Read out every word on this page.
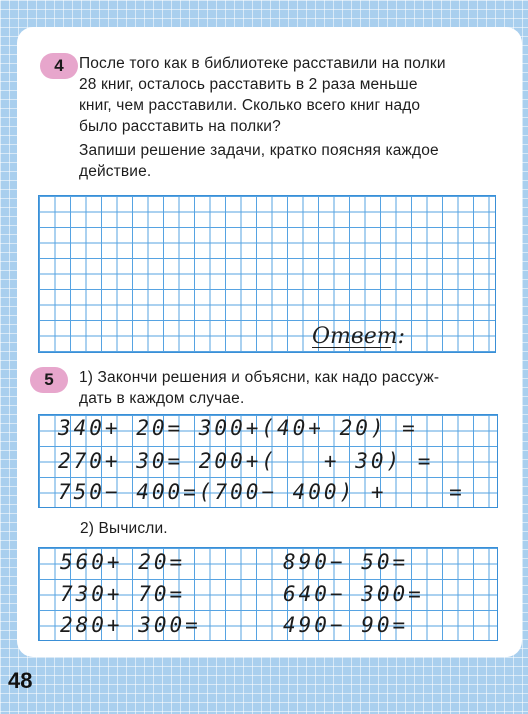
4 После того как в библиотеке расставили на полки
28 книг, осталось расставить в 2 раза меньше
книг, чем расставили. Сколько всего книг надо
было расставить на полки?
Запиши решение задачи, кратко поясняя каждое
действие.
Ответ:
5	1) Закончи решения и объясни, как надо рассуж-
дать в каждом случае.
340+ 20= 300+(40+ 20) =
270+ 30= 200+(   + 30) =
750− 400=(700− 400) +    =
2) Вычисли.
560+ 20=
730+ 70=
280+ 300=
890− 50=
640− 300=
490− 90=
48
